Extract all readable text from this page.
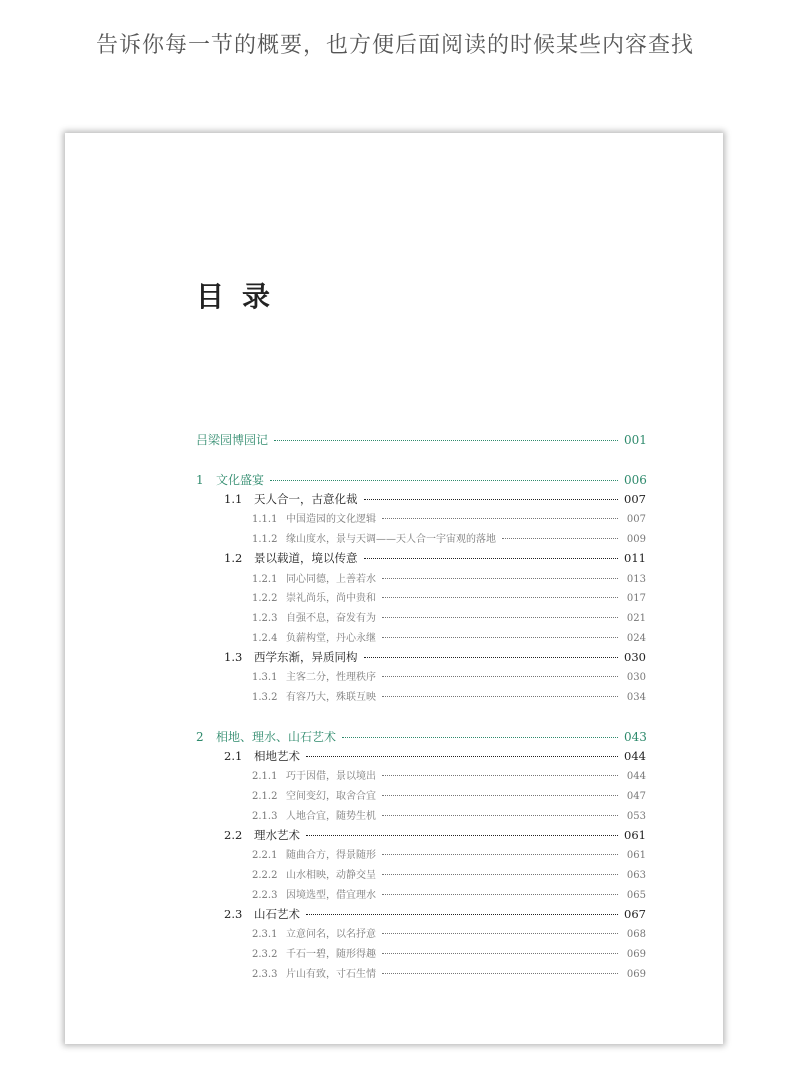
告诉你每一节的概要，也方便后面阅读的时候某些内容查找
目录
吕梁园博园记	001
1	文化盛宴	006
1.1	天人合一，古意化裁	007
1.1.1 中国造园的文化逻辑	007
1.1.2 缘山度水，景与天调——天人合一宇宙观的落地	009
1.2	景以载道，境以传意	011
1.2.1 同心同德，上善若水	013
1.2.2 崇礼尚乐，尚中贵和	017
1.2.3 自强不息，奋发有为	021
1.2.4 负薪构堂，丹心永继	024
1.3	西学东渐，异质同构	030
1.3.1 主客二分，性理秩序	030
1.3.2 有容乃大，殊联互映	034
2	相地、理水、山石艺术	043
2.1	相地艺术	044
2.1.1 巧于因借，景以境出	044
2.1.2 空间变幻，取舍合宜	047
2.1.3 人地合宜，随势生机	053
2.2	理水艺术	061
2.2.1 随曲合方，得景随形	061
2.2.2 山水相映，动静交呈	063
2.2.3 因境选型，借宜理水	065
2.3	山石艺术	067
2.3.1 立意问名，以名抒意	068
2.3.2 千石一碧，随形得趣	069
2.3.3 片山有致，寸石生情	069
